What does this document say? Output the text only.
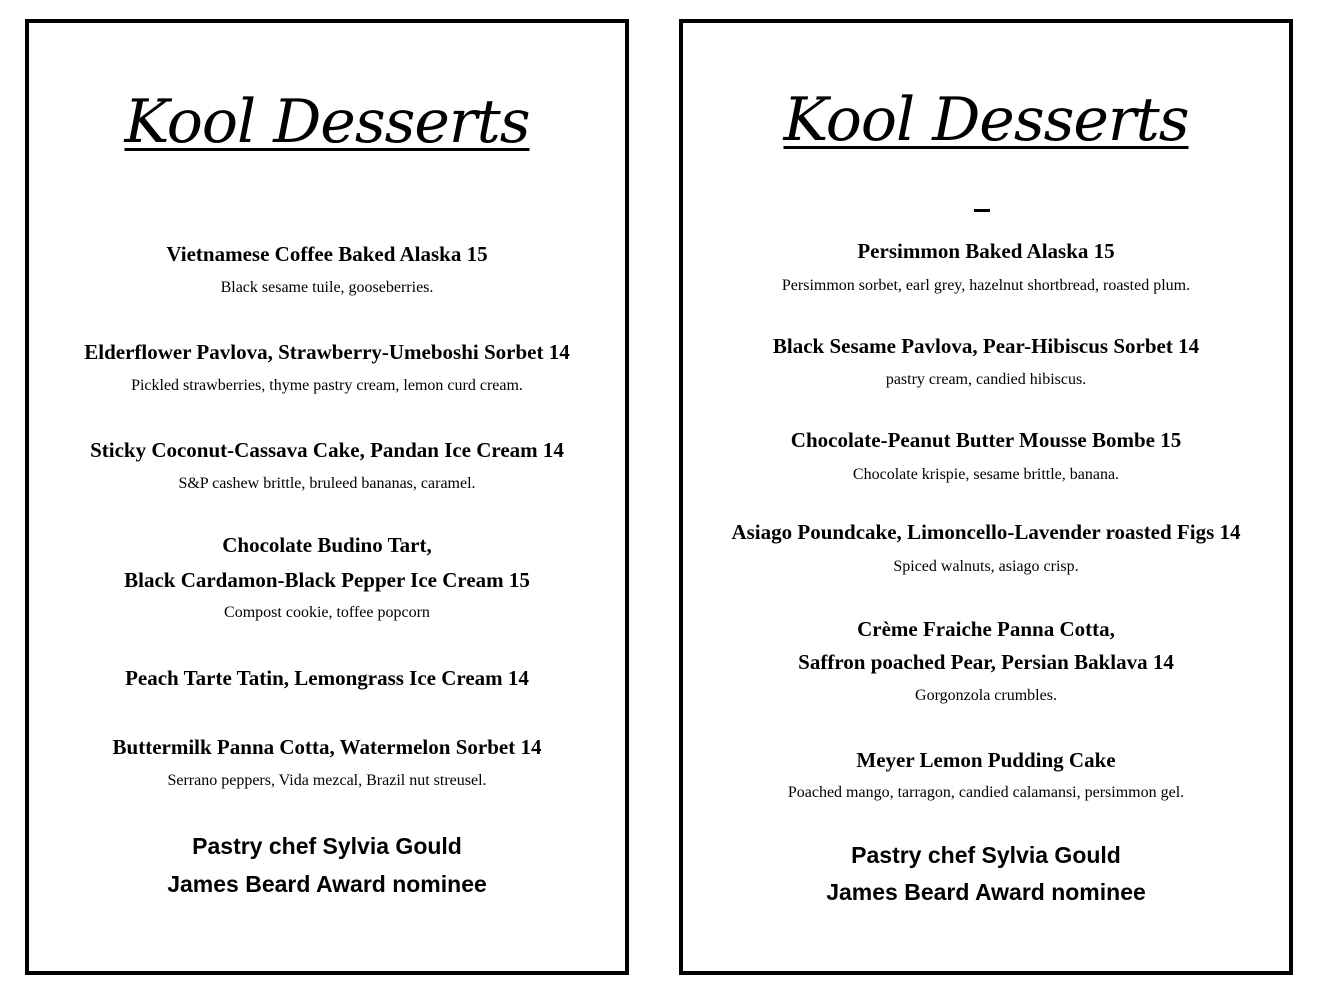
Kool Desserts
Vietnamese Coffee Baked Alaska 15
Black sesame tuile, gooseberries.
Elderflower Pavlova, Strawberry-Umeboshi Sorbet 14
Pickled strawberries, thyme pastry cream, lemon curd cream.
Sticky Coconut-Cassava Cake, Pandan Ice Cream 14
S&P cashew brittle, bruleed bananas, caramel.
Chocolate Budino Tart,
Black Cardamon-Black Pepper Ice Cream 15
Compost cookie, toffee popcorn
Peach Tarte Tatin, Lemongrass Ice Cream 14
Buttermilk Panna Cotta, Watermelon Sorbet 14
Serrano peppers, Vida mezcal, Brazil nut streusel.
Pastry chef Sylvia Gould
James Beard Award nominee
Kool Desserts
Persimmon Baked Alaska 15
Persimmon sorbet, earl grey, hazelnut shortbread, roasted plum.
Black Sesame Pavlova, Pear-Hibiscus Sorbet 14
pastry cream, candied hibiscus.
Chocolate-Peanut Butter Mousse Bombe 15
Chocolate krispie, sesame brittle, banana.
Asiago Poundcake, Limoncello-Lavender roasted Figs 14
Spiced walnuts, asiago crisp.
Crème Fraiche Panna Cotta,
Saffron poached Pear, Persian Baklava 14
Gorgonzola crumbles.
Meyer Lemon Pudding Cake
Poached mango, tarragon, candied calamansi, persimmon gel.
Pastry chef Sylvia Gould
James Beard Award nominee
